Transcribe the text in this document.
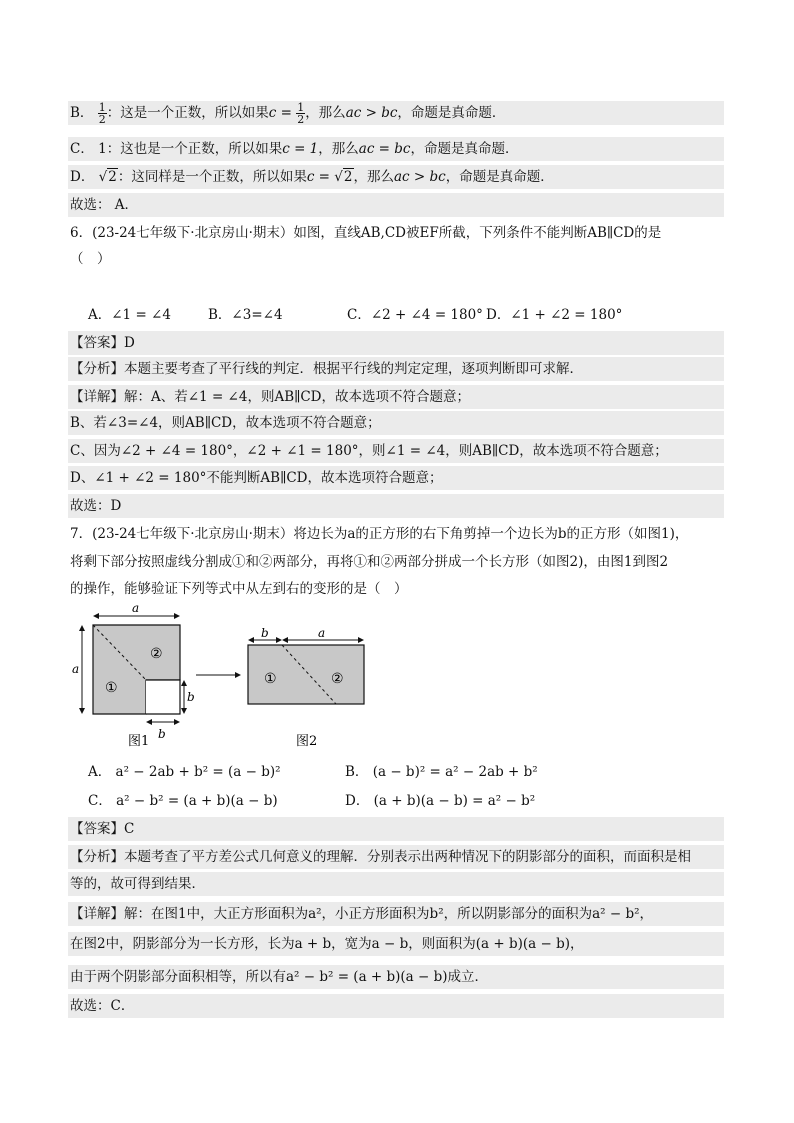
B． $\frac{1}{2}$ ：这是一个正数，所以如果$c = \frac{1}{2}$ ，那么ac > bc，命题是真命题．
C． 1：这也是一个正数，所以如果c = 1，那么ac = bc，命题是真命题．
D． √2：这同样是一个正数，所以如果c = √2，那么ac > bc，命题是真命题．
故选： A．
6．(23-24七年级下·北京房山·期末）如图，直线AB,CD被EF所截，下列条件不能判断AB∥CD的是
（　）
A．∠1 = ∠4	B．∠3=∠4	C．∠2 + ∠4 = 180° D．∠1 + ∠2 = 180°
【答案】D
【分析】本题主要考查了平行线的判定．根据平行线的判定定理，逐项判断即可求解．
【详解】解：A、若∠1 = ∠4，则AB∥CD，故本选项不符合题意；
B、若∠3=∠4，则AB∥CD，故本选项不符合题意；
C、因为∠2 + ∠4 = 180°，∠2 + ∠1 = 180°，则∠1 = ∠4，则AB∥CD，故本选项不符合题意；
D、∠1 + ∠2 = 180°不能判断AB∥CD，故本选项符合题意；
故选：D
7．(23-24七年级下·北京房山·期末）将边长为a的正方形的右下角剪掉一个边长为b的正方形（如图1)，
将剩下部分按照虚线分割成①和②两部分，再将①和②两部分拼成一个长方形（如图2)，由图1到图2
的操作，能够验证下列等式中从左到右的变形的是（　）
②
①
a
a
b
b
图1
①	②
b	a
图2
A． a² − 2ab + b² = (a − b)²	B． (a − b)² = a² − 2ab + b²
C． a² − b² = (a + b)(a − b)	D． (a + b)(a − b) = a² − b²
【答案】C
【分析】本题考查了平方差公式几何意义的理解．分别表示出两种情况下的阴影部分的面积，而面积是相
等的，故可得到结果．
【详解】解：在图1中，大正方形面积为a²，小正方形面积为b²，所以阴影部分的面积为a² − b²，
在图2中，阴影部分为一长方形，长为a + b，宽为a − b，则面积为(a + b)(a − b)，
由于两个阴影部分面积相等，所以有a² − b² = (a + b)(a − b)成立．
故选：C．
